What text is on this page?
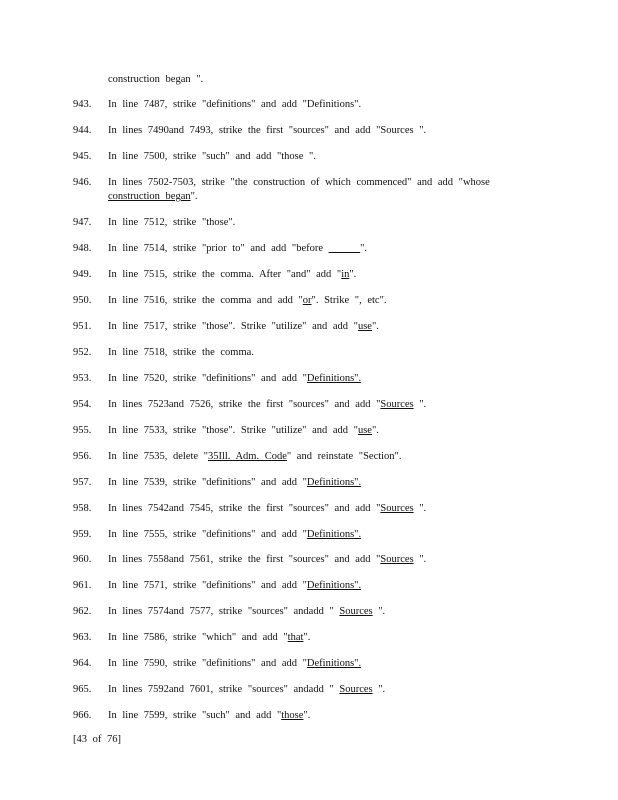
construction began ".
943. In line 7487, strike "definitions" and add "Definitions".
944. In lines 7490and 7493, strike the first "sources" and add "Sources ".
945. In line 7500, strike "such" and add "those ".
946. In lines 7502-7503, strike "the construction of which commenced" and add "whose
construction began".
947. In line 7512, strike "those".
948. In line 7514, strike "prior to" and add "before ______".
949. In line 7515, strike the comma. After "and" add "in".
950. In line 7516, strike the comma and add "or". Strike ", etc".
951. In line 7517, strike "those". Strike "utilize" and add "use".
952. In line 7518, strike the comma.
953. In line 7520, strike "definitions" and add "Definitions".
954. In lines 7523and 7526, strike the first "sources" and add "Sources ".
955. In line 7533, strike "those". Strike "utilize" and add "use".
956. In line 7535, delete "35Ill. Adm. Code" and reinstate "Section".
957. In line 7539, strike "definitions" and add "Definitions".
958. In lines 7542and 7545, strike the first "sources" and add "Sources ".
959. In line 7555, strike "definitions" and add "Definitions".
960. In lines 7558and 7561, strike the first "sources" and add "Sources ".
961. In line 7571, strike "definitions" and add "Definitions".
962. In lines 7574and 7577, strike "sources" andadd " Sources ".
963. In line 7586, strike "which" and add "that".
964. In line 7590, strike "definitions" and add "Definitions".
965. In lines 7592and 7601, strike "sources" andadd " Sources ".
966. In line 7599, strike "such" and add "those".
[43 of 76]
